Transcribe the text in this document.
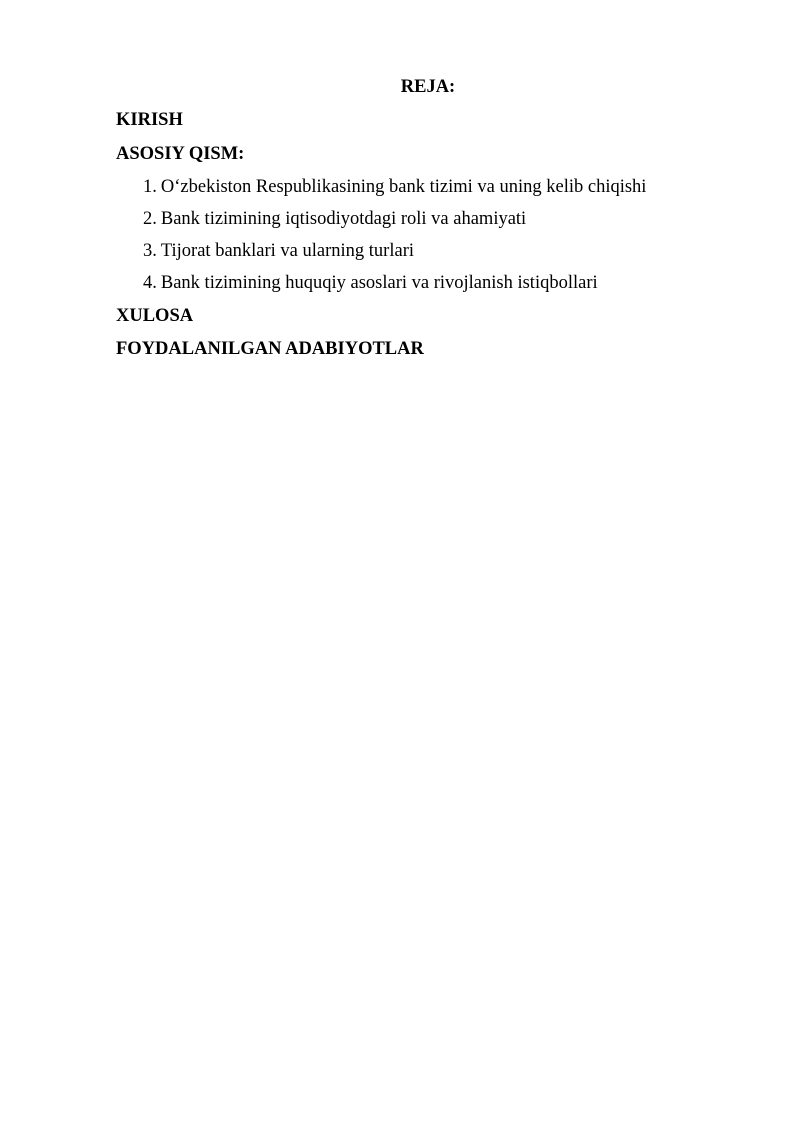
REJA:
KIRISH
ASOSIY QISM:
1. O‘zbekiston Respublikasining bank tizimi va uning kelib chiqishi
2. Bank tizimining iqtisodiyotdagi roli va ahamiyati
3. Tijorat banklari va ularning turlari
4. Bank tizimining huquqiy asoslari va rivojlanish istiqbollari
XULOSA
FOYDALANILGAN ADABIYOTLAR
